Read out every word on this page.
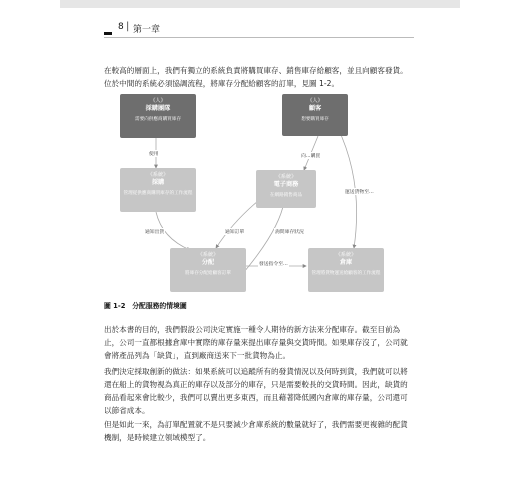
8 | 第一章

在較高的層面上，我們有獨立的系統負責將購買庫存、銷售庫存給顧客，並且向顧客發貨。位於中間的系統必須協調流程，將庫存分配給顧客的訂單，見圖 1-2。

《人》
採購團隊
需要向供應商購買庫存
《人》
顧客
想要購買庫存
《系統》
採購
管理從供應商購買庫存的工作流程
《系統》
電子商務
在網路銷售商品
《系統》
分配
將庫存分配給顧客訂單
《系統》
倉庫
管理將貨物運送給顧客的工作流程
使用	向…購買
運送貨物至…
通知出貨	通知訂單	詢問庫存狀況
發送指令至…
圖 1-2　分配服務的情境圖

出於本書的目的，我們假設公司決定實施一種令人期待的新方法來分配庫存。截至目前為止，公司一直都根據倉庫中實際的庫存量來提出庫存量與交貨時間。如果庫存沒了，公司就會將產品列為「缺貨」，直到廠商送來下一批貨物為止。

我們決定採取創新的做法：如果系統可以追蹤所有的發貨情況以及何時到貨，我們就可以將還在船上的貨物視為真正的庫存以及部分的庫存，只是需要較長的交貨時間。因此，缺貨的商品看起來會比較少，我們可以賣出更多東西，而且藉著降低國內倉庫的庫存量，公司還可以節省成本。

但是如此一來，為訂單配置就不是只要減少倉庫系統的數量就好了，我們需要更複雜的配貨機制，是時候建立領域模型了。
